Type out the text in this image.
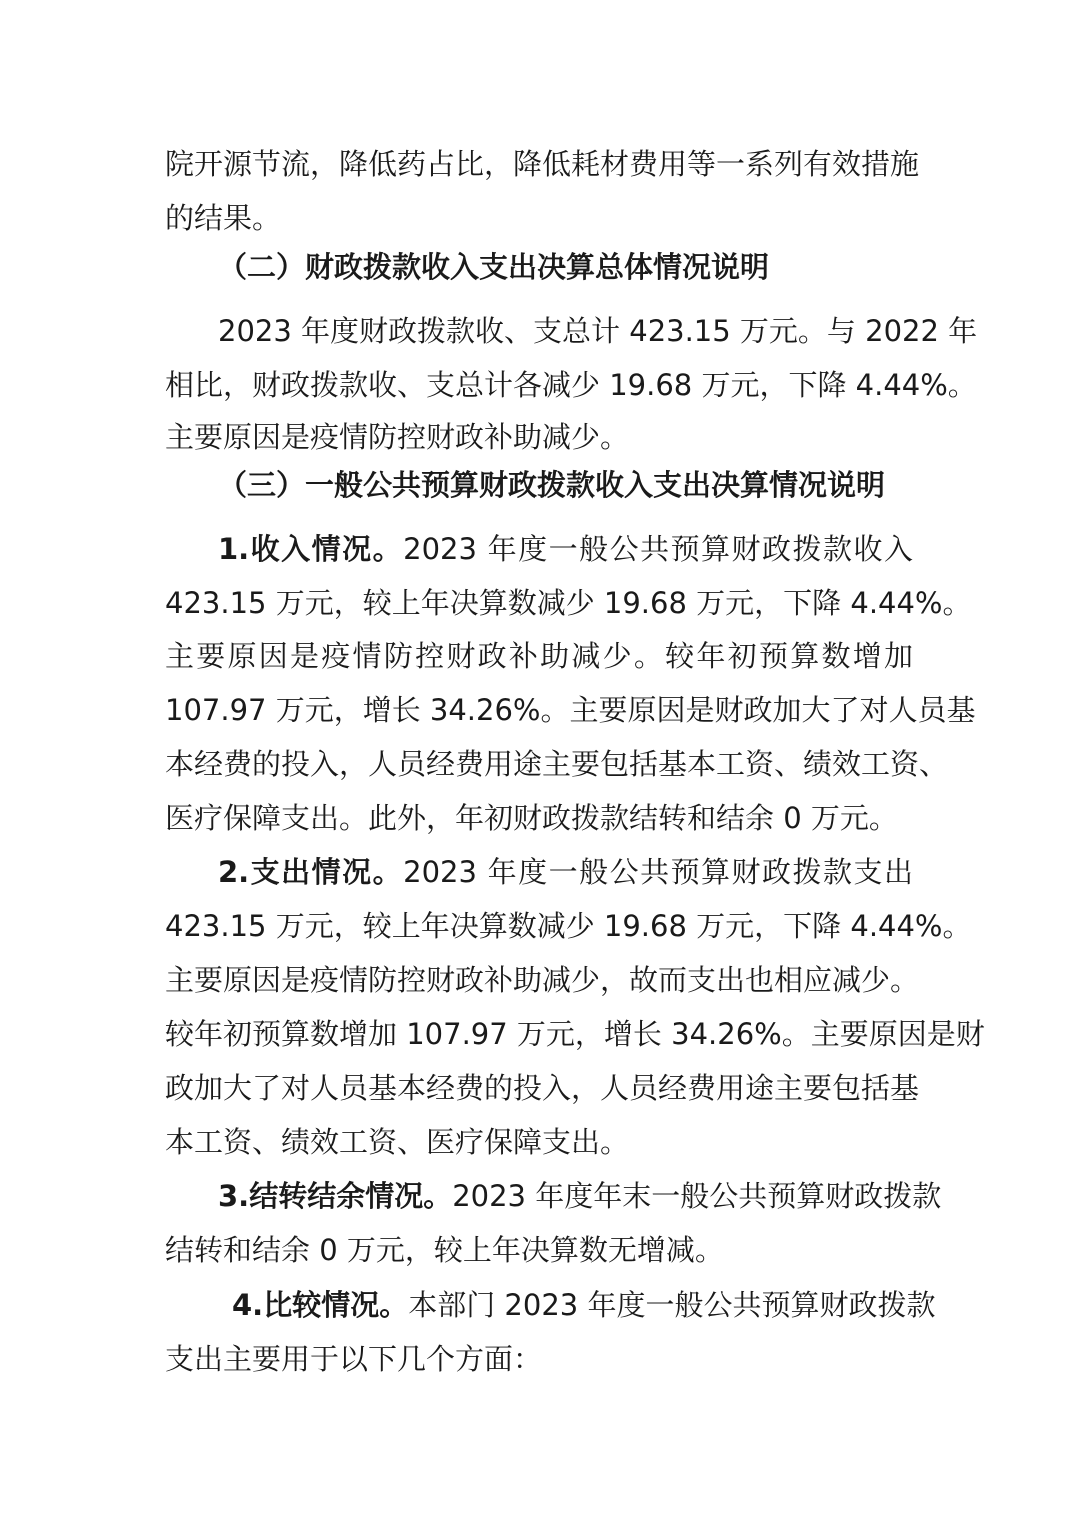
院开源节流，降低药占比，降低耗材费用等一系列有效措施
的结果。
（二）财政拨款收入支出决算总体情况说明
2023 年度财政拨款收、支总计 423.15 万元。与 2022 年
相比，财政拨款收、支总计各减少 19.68 万元，下降 4.44%。
主要原因是疫情防控财政补助减少。
（三）一般公共预算财政拨款收入支出决算情况说明
1.收入情况。2023 年度一般公共预算财政拨款收入
423.15 万元，较上年决算数减少 19.68 万元，下降 4.44%。
主要原因是疫情防控财政补助减少。较年初预算数增加
107.97 万元，增长 34.26%。主要原因是财政加大了对人员基
本经费的投入，人员经费用途主要包括基本工资、绩效工资、
医疗保障支出。此外，年初财政拨款结转和结余 0 万元。
2.支出情况。2023 年度一般公共预算财政拨款支出
423.15 万元，较上年决算数减少 19.68 万元，下降 4.44%。
主要原因是疫情防控财政补助减少，故而支出也相应减少。
较年初预算数增加 107.97 万元，增长 34.26%。主要原因是财
政加大了对人员基本经费的投入，人员经费用途主要包括基
本工资、绩效工资、医疗保障支出。
3.结转结余情况。2023 年度年末一般公共预算财政拨款
结转和结余 0 万元，较上年决算数无增减。
4.比较情况。本部门 2023 年度一般公共预算财政拨款
支出主要用于以下几个方面：
